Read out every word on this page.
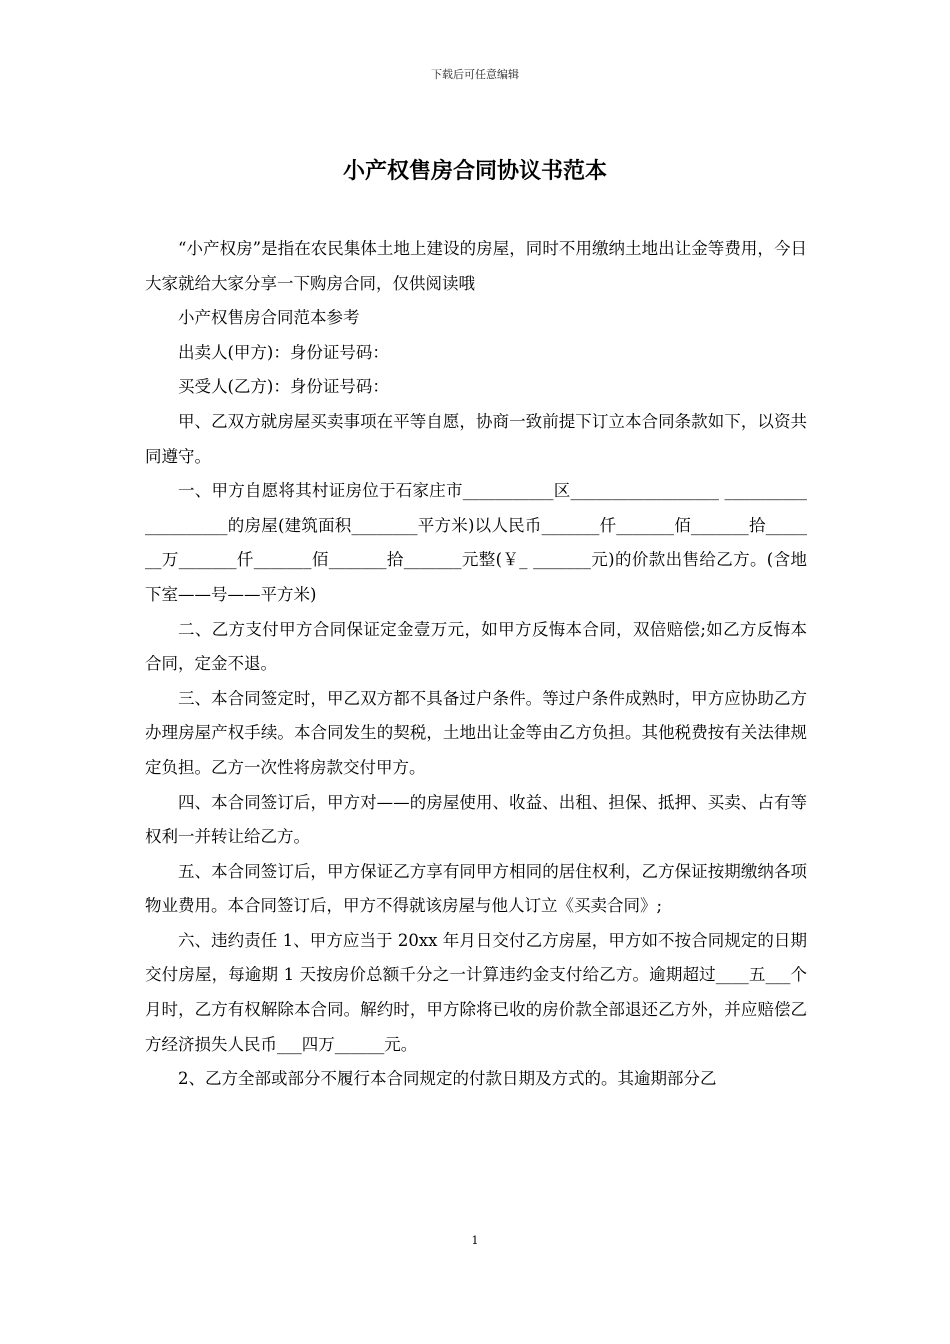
下载后可任意编辑
小产权售房合同协议书范本

“小产权房”是指在农民集体土地上建设的房屋，同时不用缴纳土地出让金等费用，今日大家就给大家分享一下购房合同，仅供阅读哦

小产权售房合同范本参考

出卖人(甲方)：身份证号码：

买受人(乙方)：身份证号码：

甲、乙双方就房屋买卖事项在平等自愿，协商一致前提下订立本合同条款如下，以资共同遵守。

一、甲方自愿将其村证房位于石家庄市___________区__________________ ____________________的房屋(建筑面积________平方米)以人民币_______仟_______佰_______拾_______万_______仟_______佰_______拾_______元整(￥_ _______元)的价款出售给乙方。(含地下室——号——平方米)

二、乙方支付甲方合同保证定金壹万元，如甲方反悔本合同，双倍赔偿;如乙方反悔本合同，定金不退。

三、本合同签定时，甲乙双方都不具备过户条件。等过户条件成熟时，甲方应协助乙方办理房屋产权手续。本合同发生的契税，土地出让金等由乙方负担。其他税费按有关法律规定负担。乙方一次性将房款交付甲方。

四、本合同签订后，甲方对——的房屋使用、收益、出租、担保、抵押、买卖、占有等权利一并转让给乙方。

五、本合同签订后，甲方保证乙方享有同甲方相同的居住权利，乙方保证按期缴纳各项物业费用。本合同签订后，甲方不得就该房屋与他人订立《买卖合同》;

六、违约责任 1、甲方应当于 20xx 年月日交付乙方房屋，甲方如不按合同规定的日期交付房屋，每逾期 1 天按房价总额千分之一计算违约金支付给乙方。逾期超过____五___个月时，乙方有权解除本合同。解约时，甲方除将已收的房价款全部退还乙方外，并应赔偿乙方经济损失人民币___四万______元。

2、乙方全部或部分不履行本合同规定的付款日期及方式的。其逾期部分乙

1
